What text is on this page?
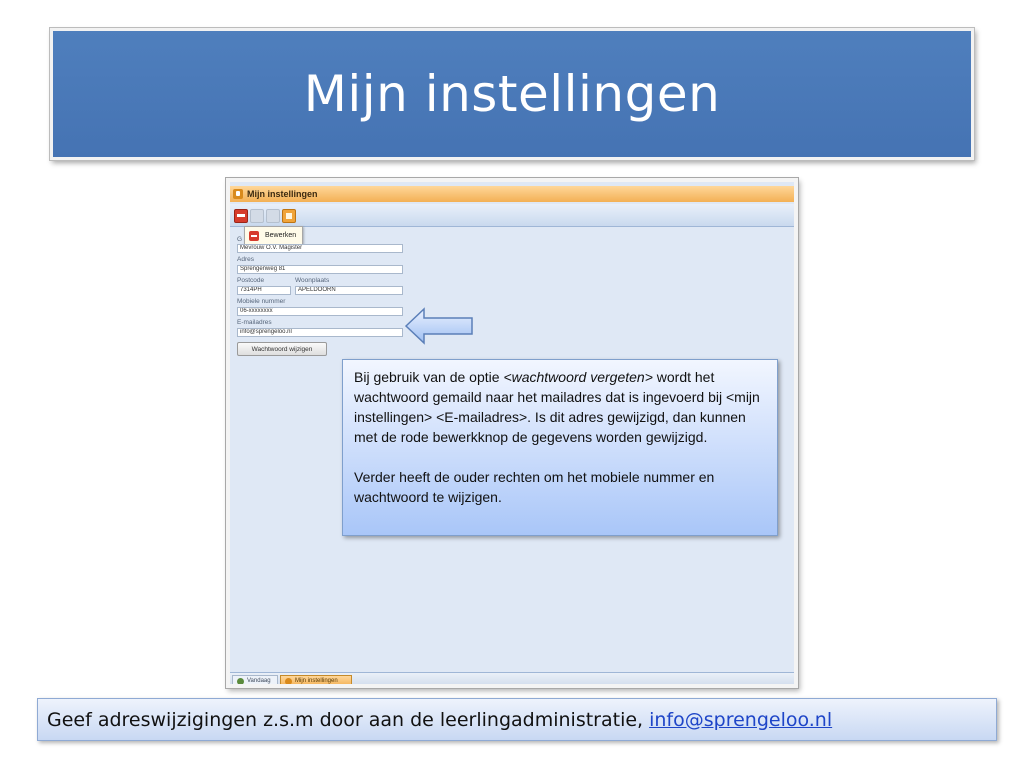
Mijn instellingen
Mijn instellingen
Bewerken
G
Mevrouw O.V. Magister
Adres
Sprengenweg 81
Postcode	Woonplaats
7314PH	APELDOORN
Mobiele nummer
06-xxxxxxxx
E-mailadres
info@sprengeloo.nl
Wachtwoord wijzigen
Vandaag	Mijn instellingen

Bij gebruik van de optie <wachtwoord vergeten> wordt het wachtwoord gemaild naar het mailadres dat is ingevoerd bij <mijn instellingen> <E-mailadres>. Is dit adres gewijzigd, dan kunnen met de rode bewerkknop de gegevens worden gewijzigd.

Verder heeft de ouder rechten om het mobiele nummer en wachtwoord te wijzigen.

Geef adreswijzigingen z.s.m door aan de leerlingadministratie, info@sprengeloo.nl
